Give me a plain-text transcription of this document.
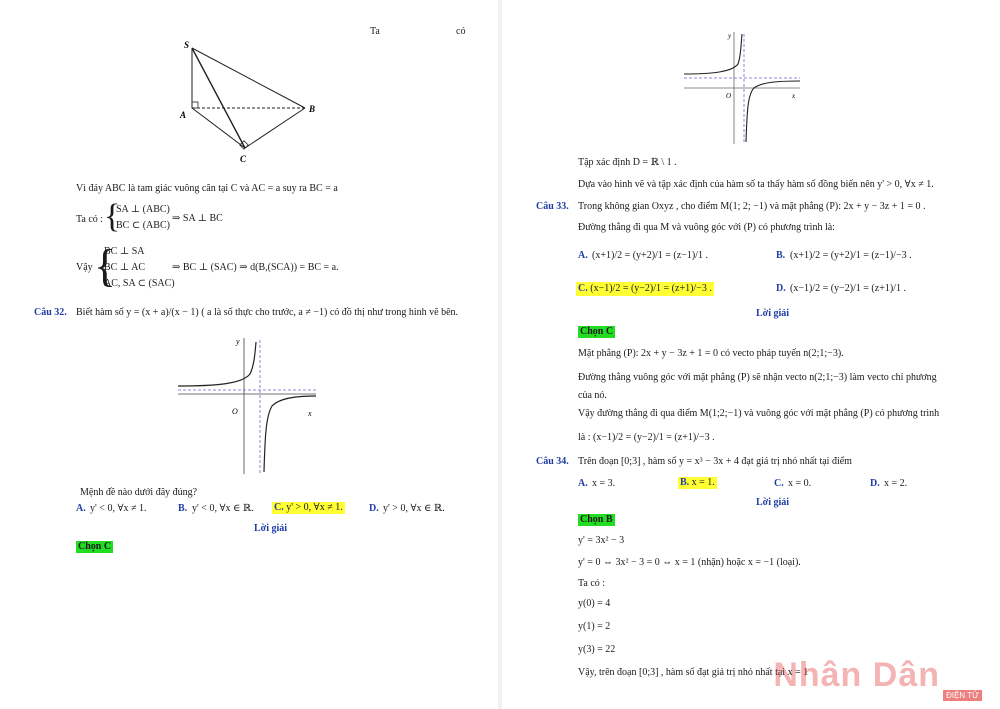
Ta	có
S
A
B
C
Vì đáy ABC là tam giác vuông cân tại C và AC = a suy ra BC = a
Ta có : {
SA ⊥ (ABC)
BC ⊂ (ABC)
⇒ SA ⊥ BC
Vậy {
BC ⊥ SA
BC ⊥ AC
AC, SA ⊂ (SAC)
⇒ BC ⊥ (SAC) ⇒ d(B,(SCA)) = BC = a.
Câu 32. Biết hàm số y = (x + a)/(x − 1) ( a là số thực cho trước, a ≠ −1) có đồ thị như trong hình vẽ bên.
y
x
O
Mệnh đề nào dưới đây đúng?
A. y' < 0, ∀x ≠ 1.	B. y' < 0, ∀x ∈ ℝ. C. y' > 0, ∀x ≠ 1.	D. y' > 0, ∀x ∈ ℝ.
Lời giải
Chọn C
y
x
O
Tập xác định D = ℝ \ 1 .
Dựa vào hình vẽ và tập xác định của hàm số ta thấy hàm số đồng biến nên y' > 0, ∀x ≠ 1.
Câu 33. Trong không gian Oxyz , cho điểm M(1; 2; −1) và mặt phẳng (P): 2x + y − 3z + 1 = 0 .
Đường thẳng đi qua M và vuông góc với (P) có phương trình là:
A. (x+1)/2 = (y+2)/1 = (z−1)/1 .	B. (x+1)/2 = (y+2)/1 = (z−1)/−3 .
C. (x−1)/2 = (y−2)/1 = (z+1)/−3 .	D. (x−1)/2 = (y−2)/1 = (z+1)/1 .
Lời giải
Chọn C
Mặt phẳng (P): 2x + y − 3z + 1 = 0 có vecto pháp tuyến n(2;1;−3).
Đường thẳng vuông góc với mặt phẳng (P) sẽ nhận vecto n(2;1;−3) làm vecto chỉ phương
của nó.
Vậy đường thẳng đi qua điểm M(1;2;−1) và vuông góc với mặt phẳng (P) có phương trình
là : (x−1)/2 = (y−2)/1 = (z+1)/−3 .
Câu 34. Trên đoạn [0;3] , hàm số y = x³ − 3x + 4 đạt giá trị nhỏ nhất tại điểm
A. x = 3.	B. x = 1.	C. x = 0.	D. x = 2.
Lời giải
Chọn B
y' = 3x² − 3
y' = 0 ⇔ 3x² − 3 = 0 ⇔ x = 1 (nhận) hoặc x = −1 (loại).
Ta có :
y(0) = 4
y(1) = 2
y(3) = 22
Vậy, trên đoạn [0;3] , hàm số đạt giá trị nhỏ nhất tại x = 1
Nhân Dân
ĐIỆN TỬ
